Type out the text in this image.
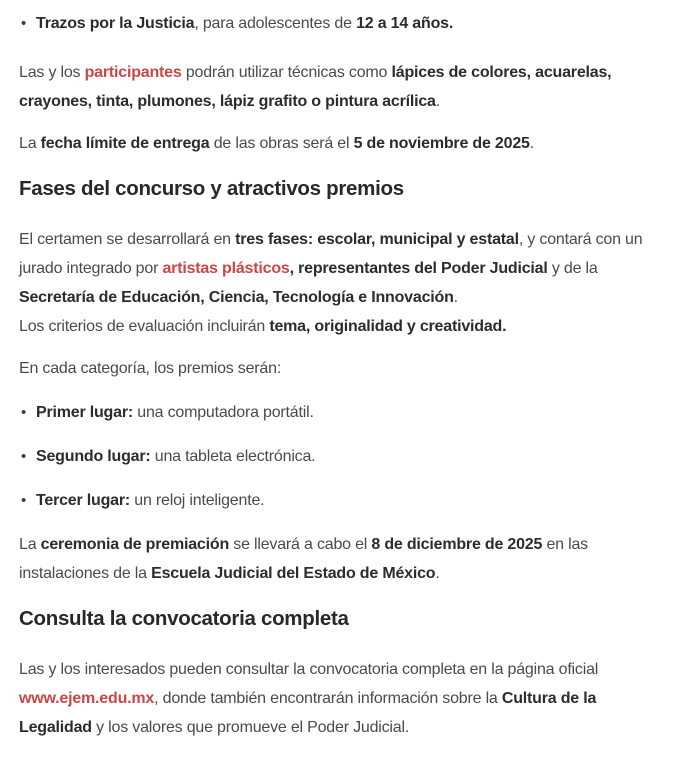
• Trazos por la Justicia, para adolescentes de 12 a 14 años.

Las y los participantes podrán utilizar técnicas como lápices de colores, acuarelas, crayones, tinta, plumones, lápiz grafito o pintura acrílica.

La fecha límite de entrega de las obras será el 5 de noviembre de 2025.

Fases del concurso y atractivos premios

El certamen se desarrollará en tres fases: escolar, municipal y estatal, y contará con un jurado integrado por artistas plásticos, representantes del Poder Judicial y de la Secretaría de Educación, Ciencia, Tecnología e Innovación.
Los criterios de evaluación incluirán tema, originalidad y creatividad.

En cada categoría, los premios serán:

• Primer lugar: una computadora portátil.
• Segundo lugar: una tableta electrónica.
• Tercer lugar: un reloj inteligente.

La ceremonia de premiación se llevará a cabo el 8 de diciembre de 2025 en las instalaciones de la Escuela Judicial del Estado de México.

Consulta la convocatoria completa

Las y los interesados pueden consultar la convocatoria completa en la página oficial www.ejem.edu.mx, donde también encontrarán información sobre la Cultura de la Legalidad y los valores que promueve el Poder Judicial.
